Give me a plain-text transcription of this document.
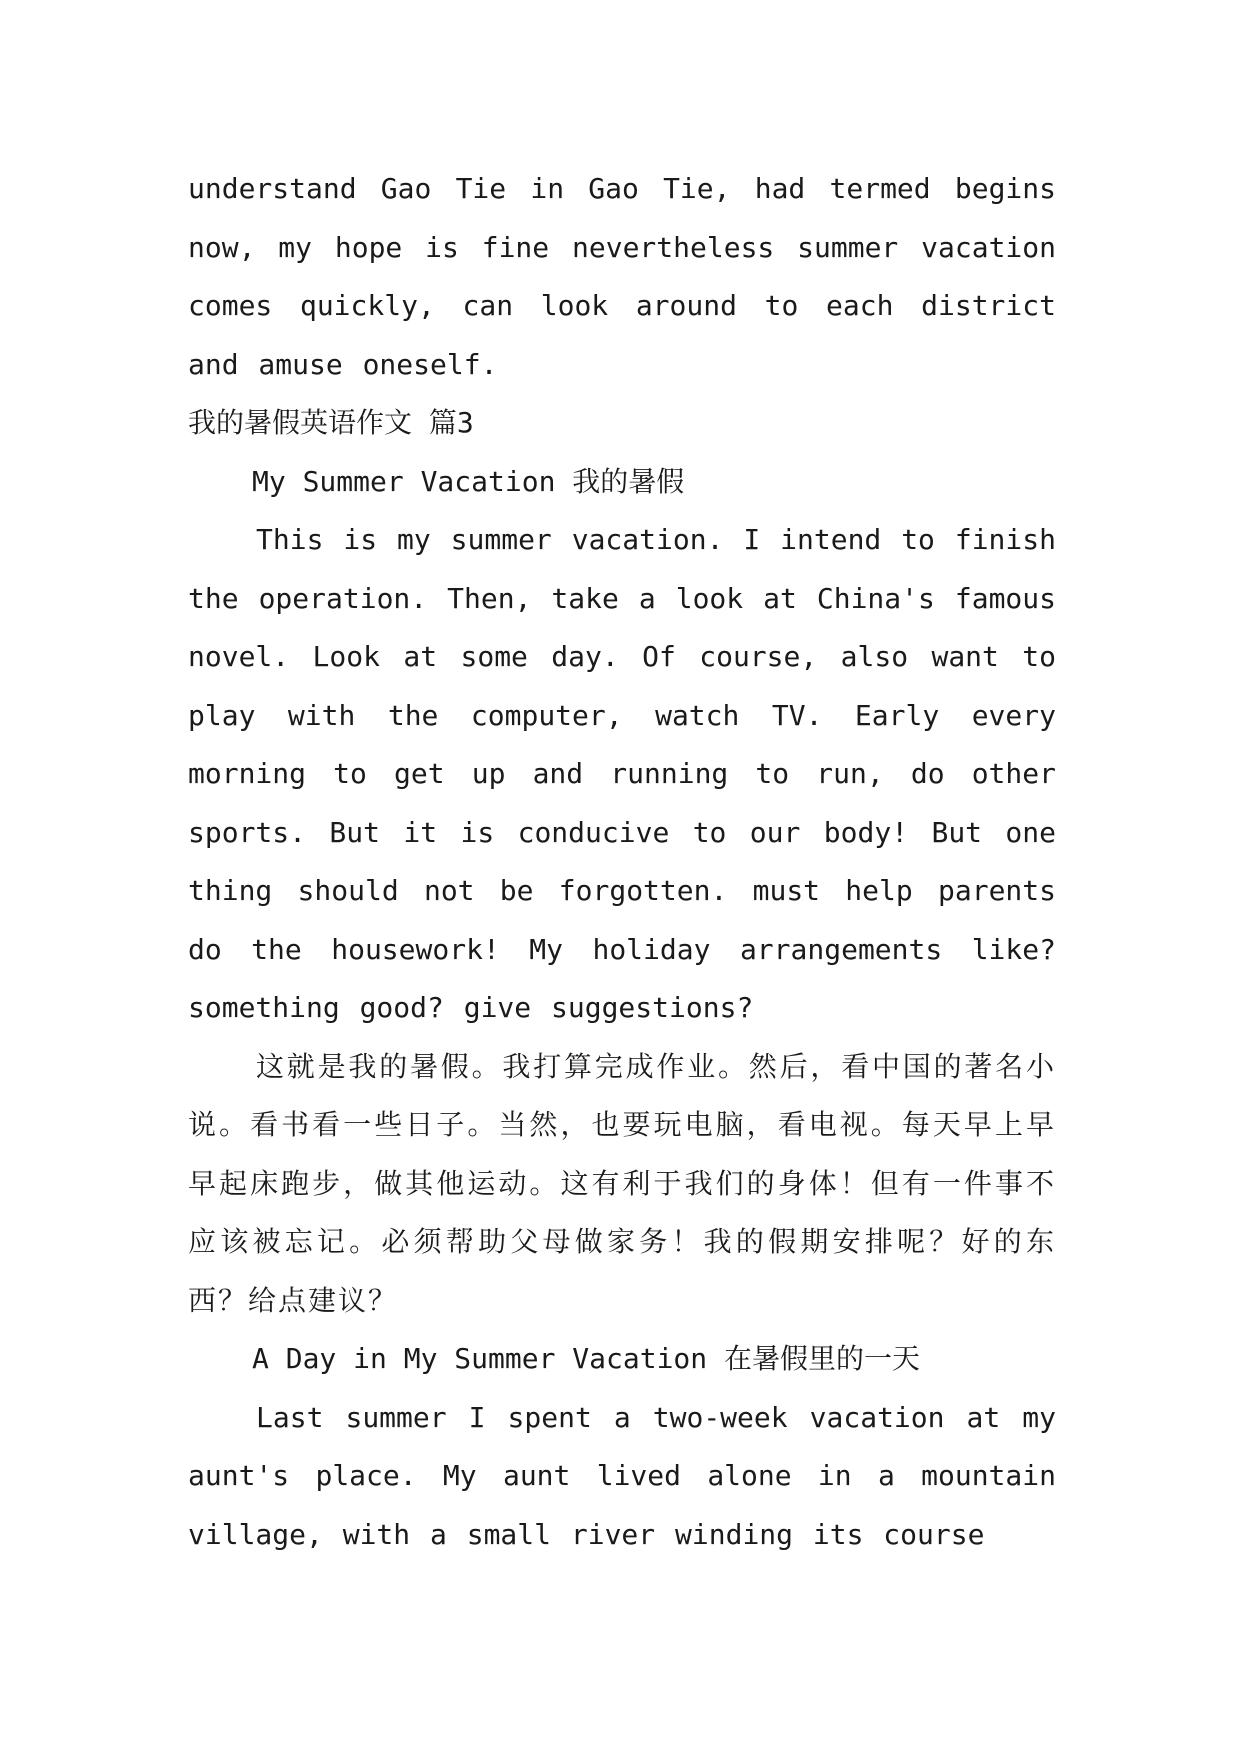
understand Gao Tie in Gao Tie, had termed begins now, my hope is fine nevertheless summer vacation comes quickly, can look around to each district and amuse oneself.

我的暑假英语作文 篇3

My Summer Vacation 我的暑假

This is my summer vacation. I intend to finish the operation. Then, take a look at China's famous novel. Look at some day. Of course, also want to play with the computer, watch TV. Early every morning to get up and running to run, do other sports. But it is conducive to our body! But one thing should not be forgotten. must help parents do the housework! My holiday arrangements like? something good? give suggestions?

这就是我的暑假。我打算完成作业。然后，看中国的著名小说。看书看一些日子。当然，也要玩电脑，看电视。每天早上早早起床跑步，做其他运动。这有利于我们的身体！但有一件事不应该被忘记。必须帮助父母做家务！我的假期安排呢？好的东西？给点建议？

A Day in My Summer Vacation 在暑假里的一天

Last summer I spent a two-week vacation at my aunt's place. My aunt lived alone in a mountain village, with a small river winding its course
